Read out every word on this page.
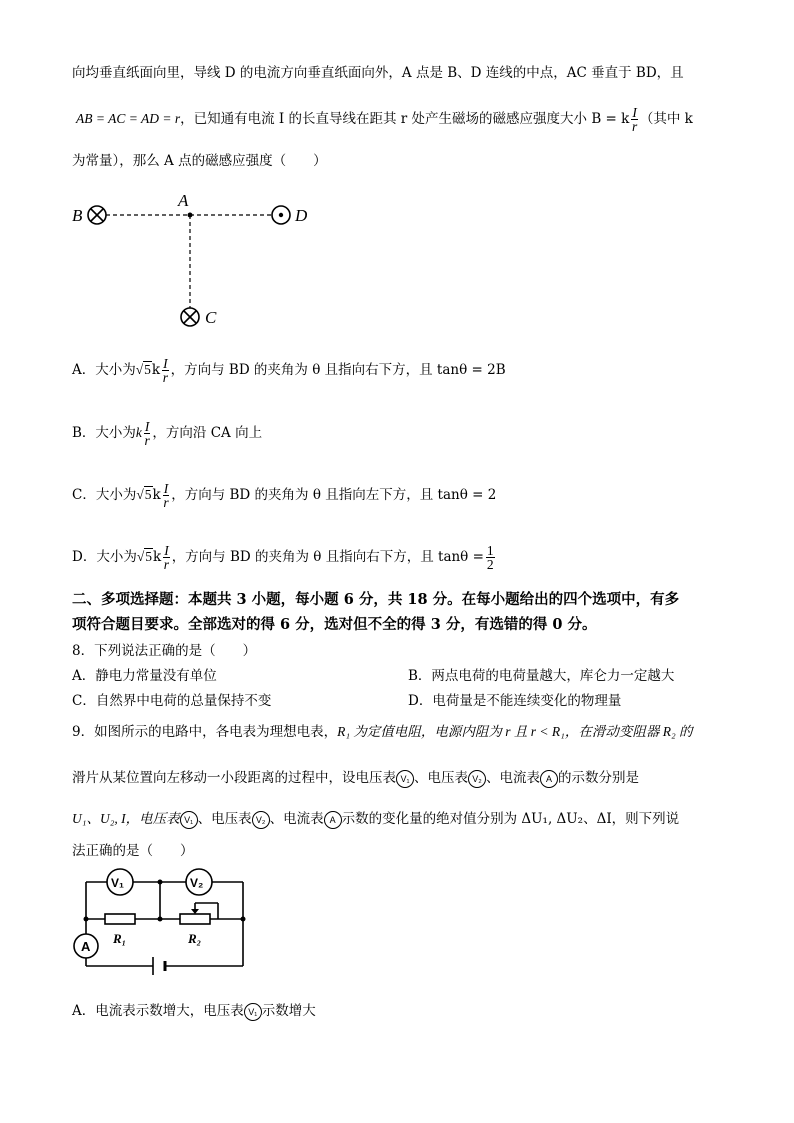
向均垂直纸面向里，导线 D 的电流方向垂直纸面向外，A 点是 B、D 连线的中点，AC 垂直于 BD，且
AB = AC = AD = r，已知通有电流 I 的长直导线在距其 r 处产生磁场的磁感应强度大小 B = k $\frac{I}{r}$ （其中 k
为常量），那么 A 点的磁感应强度（　　）
B
A
D
C
A．大小为$√5k \frac{I}{r}$ ，方向与 BD 的夹角为 θ 且指向右下方，且 tanθ = 2B
B．大小为k $\frac{I}{r}$ ，方向沿 CA 向上
C．大小为$√5k \frac{I}{r}$ ，方向与 BD 的夹角为 θ 且指向左下方，且 tanθ = 2
D．大小为$√5k \frac{I}{r}$ ，方向与 BD 的夹角为 θ 且指向右下方，且 $\tan\theta = \frac{1}{2}$
二、多项选择题：本题共 3 小题，每小题 6 分，共 18 分。在每小题给出的四个选项中，有多
项符合题目要求。全部选对的得 6 分，选对但不全的得 3 分，有选错的得 0 分。
8．下列说法正确的是（　　）
A．静电力常量没有单位	B．两点电荷的电荷量越大，库仑力一定越大
C．自然界中电荷的总量保持不变	D．电荷量是不能连续变化的物理量
9．如图所示的电路中，各电表为理想电表，R₁ 为定值电阻，电源内阻为 r 且 r < R₁，在滑动变阻器 R₂ 的
滑片从某位置向左移动一小段距离的过程中，设电压表 V₁ 、电压表 V₂ 、电流表 A 的示数分别是
U₁、U₂, I，电压表 V₁ 、电压表 V₂ 、电流表 A 示数的变化量的绝对值分别为 ΔU₁, ΔU₂、ΔI，则下列说
法正确的是（　　）
V₁	V₂
A
R₁	R₂
A．电流表示数增大，电压表 V₁ 示数增大
